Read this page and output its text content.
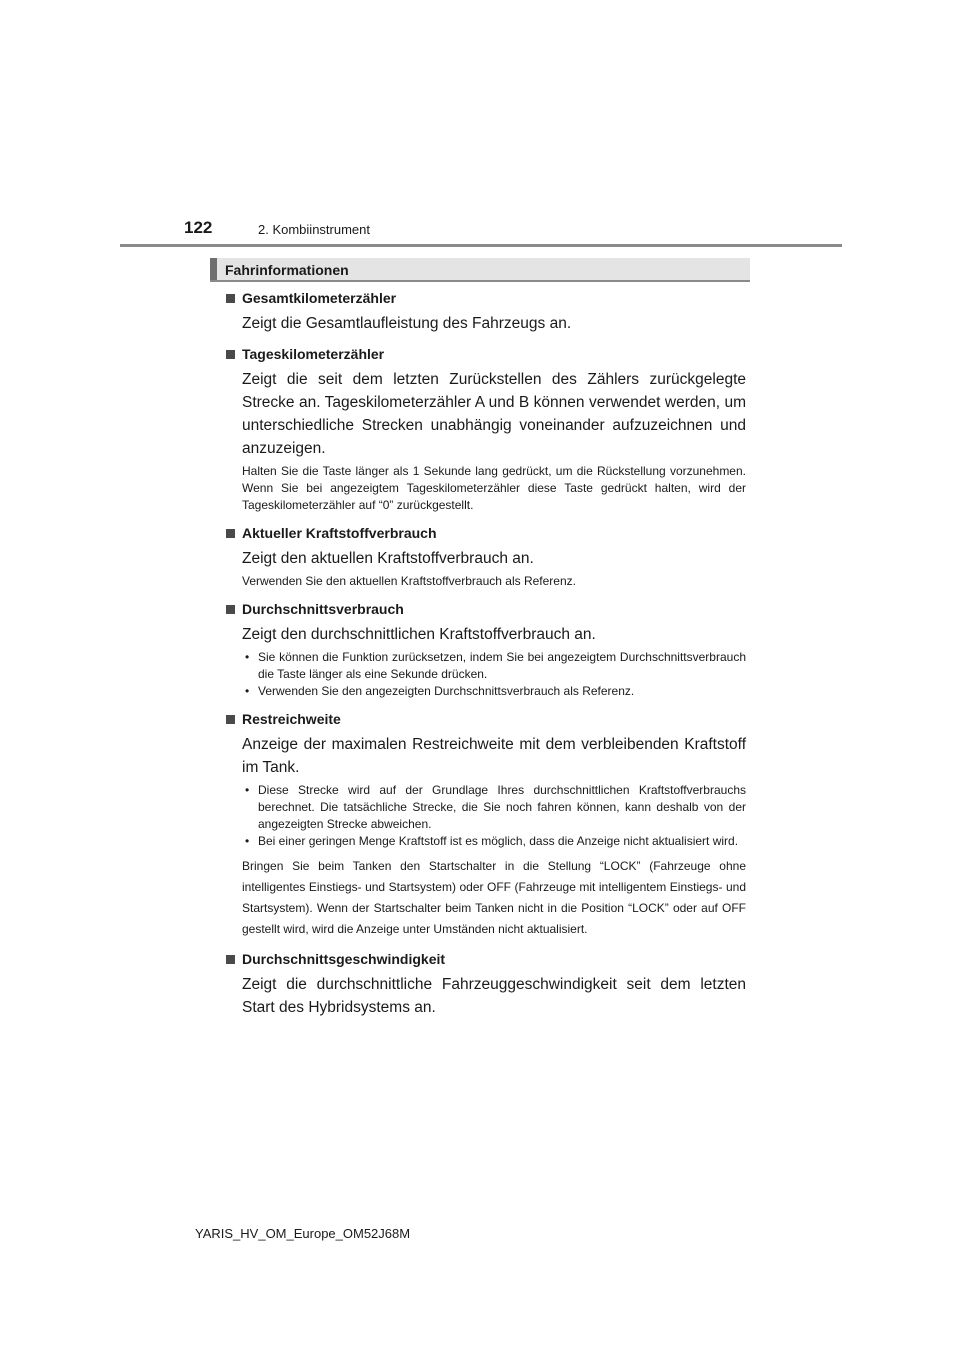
122	2. Kombiinstrument
Fahrinformationen
Gesamtkilometerzähler
Zeigt die Gesamtlaufleistung des Fahrzeugs an.
Tageskilometerzähler
Zeigt die seit dem letzten Zurückstellen des Zählers zurückgelegte Strecke an. Tageskilometerzähler A und B können verwendet werden, um unterschiedliche Strecken unabhängig voneinander aufzuzeichnen und anzuzeigen.
Halten Sie die Taste länger als 1 Sekunde lang gedrückt, um die Rückstellung vorzunehmen. Wenn Sie bei angezeigtem Tageskilometerzähler diese Taste gedrückt halten, wird der Tageskilometerzähler auf “0” zurückgestellt.
Aktueller Kraftstoffverbrauch
Zeigt den aktuellen Kraftstoffverbrauch an.
Verwenden Sie den aktuellen Kraftstoffverbrauch als Referenz.
Durchschnittsverbrauch
Zeigt den durchschnittlichen Kraftstoffverbrauch an.
• Sie können die Funktion zurücksetzen, indem Sie bei angezeigtem Durchschnittsverbrauch die Taste länger als eine Sekunde drücken.
• Verwenden Sie den angezeigten Durchschnittsverbrauch als Referenz.
Restreichweite
Anzeige der maximalen Restreichweite mit dem verbleibenden Kraftstoff im Tank.
• Diese Strecke wird auf der Grundlage Ihres durchschnittlichen Kraftstoffverbrauchs berechnet. Die tatsächliche Strecke, die Sie noch fahren können, kann deshalb von der angezeigten Strecke abweichen.
• Bei einer geringen Menge Kraftstoff ist es möglich, dass die Anzeige nicht aktualisiert wird.
Bringen Sie beim Tanken den Startschalter in die Stellung “LOCK” (Fahrzeuge ohne intelligentes Einstiegs- und Startsystem) oder OFF (Fahrzeuge mit intelligentem Einstiegs- und Startsystem). Wenn der Startschalter beim Tanken nicht in die Position “LOCK” oder auf OFF gestellt wird, wird die Anzeige unter Umständen nicht aktualisiert.
Durchschnittsgeschwindigkeit
Zeigt die durchschnittliche Fahrzeuggeschwindigkeit seit dem letzten Start des Hybridsystems an.
YARIS_HV_OM_Europe_OM52J68M
